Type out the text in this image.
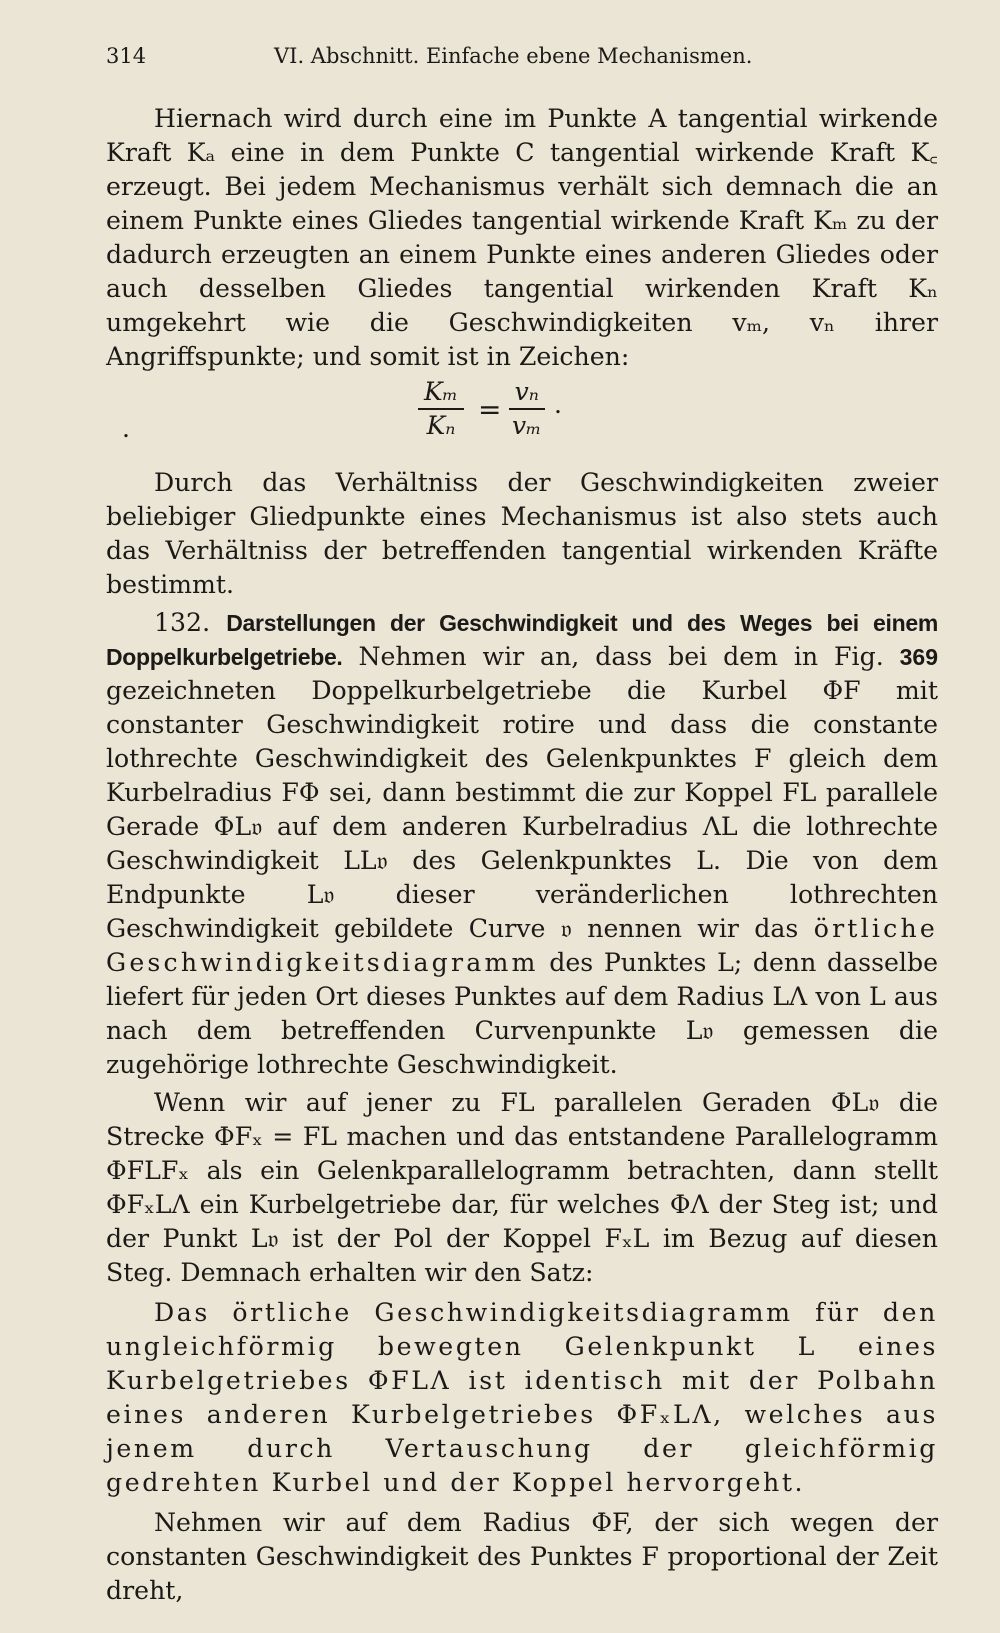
314	VI. Abschnitt. Einfache ebene Mechanismen.

Hiernach wird durch eine im Punkte A tangential wirkende Kraft Kₐ eine in dem Punkte C tangential wirkende Kraft K꜀ erzeugt. Bei jedem Mechanismus verhält sich demnach die an einem Punkte eines Gliedes tangential wirkende Kraft Kₘ zu der dadurch erzeugten an einem Punkte eines anderen Gliedes oder auch desselben Gliedes tangential wirkenden Kraft Kₙ umgekehrt wie die Geschwindigkeiten vₘ, vₙ ihrer Angriffspunkte; und somit ist in Zeichen:

.	$\frac{\text{Kₘ}}{\text{Kₙ}} = \frac{\text{vₙ}}{\text{vₘ}}$ .

Durch das Verhältniss der Geschwindigkeiten zweier beliebiger Gliedpunkte eines Mechanismus ist also stets auch das Verhältniss der betreffenden tangential wirkenden Kräfte bestimmt.

132. Darstellungen der Geschwindigkeit und des Weges bei einem Doppelkurbelgetriebe. Nehmen wir an, dass bei dem in Fig. 369 gezeichneten Doppelkurbelgetriebe die Kurbel ΦF mit constanter Geschwindigkeit rotire und dass die constante lothrechte Geschwindigkeit des Gelenkpunktes F gleich dem Kurbelradius FΦ sei, dann bestimmt die zur Koppel FL parallele Gerade ΦL𝔳 auf dem anderen Kurbelradius ΛL die lothrechte Geschwindigkeit LL𝔳 des Gelenkpunktes L. Die von dem Endpunkte L𝔳 dieser veränderlichen lothrechten Geschwindigkeit gebildete Curve 𝔳 nennen wir das örtliche Geschwindigkeitsdiagramm des Punktes L; denn dasselbe liefert für jeden Ort dieses Punktes auf dem Radius LΛ von L aus nach dem betreffenden Curvenpunkte L𝔳 gemessen die zugehörige lothrechte Geschwindigkeit.

Wenn wir auf jener zu FL parallelen Geraden ΦL𝔳 die Strecke ΦFₓ = FL machen und das entstandene Parallelogramm ΦFLFₓ als ein Gelenkparallelogramm betrachten, dann stellt ΦFₓLΛ ein Kurbelgetriebe dar, für welches ΦΛ der Steg ist; und der Punkt L𝔳 ist der Pol der Koppel FₓL im Bezug auf diesen Steg. Demnach erhalten wir den Satz:

Das örtliche Geschwindigkeitsdiagramm für den ungleichförmig bewegten Gelenkpunkt L eines Kurbelgetriebes ΦFLΛ ist identisch mit der Polbahn eines anderen Kurbelgetriebes ΦFₓLΛ, welches aus jenem durch Vertauschung der gleichförmig gedrehten Kurbel und der Koppel hervorgeht.

Nehmen wir auf dem Radius ΦF, der sich wegen der constanten Geschwindigkeit des Punktes F proportional der Zeit dreht,
